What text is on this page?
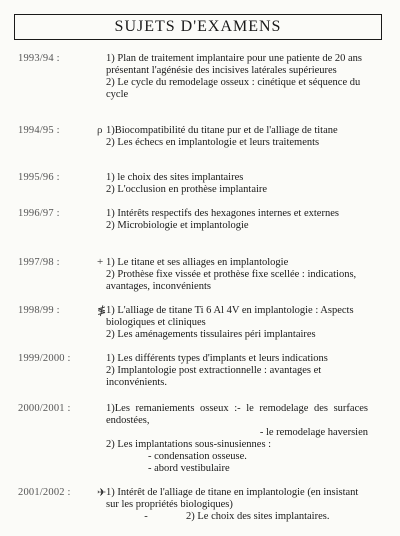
SUJETS D'EXAMENS
1993/94 :	1) Plan de traitement implantaire pour une patiente de 20 ans présentant l'agénésie des incisives latérales supérieures

2) Le cycle du remodelage osseux : cinétique et séquence du cycle

1994/95 :	ρ 1)Biocompatibilité du titane pur et de l'alliage de titane

2) Les échecs en implantologie et leurs traitements

1995/96 :	1) le choix des sites implantaires

2) L'occlusion en prothèse implantaire

1996/97 :	1) Intérêts respectifs des hexagones internes et externes

2) Microbiologie et implantologie

1997/98 :	+ 1) Le titane et ses alliages en implantologie

2) Prothèse fixe vissée et prothèse fixe scellée : indications, avantages, inconvénients

1998/99 :	≸ 1) L'alliage de titane Ti 6 Al 4V en implantologie : Aspects biologiques et cliniques

2) Les aménagements tissulaires péri implantaires

1999/2000 :	1) Les différents types d'implants et leurs indications

2) Implantologie post extractionnelle : avantages et inconvénients.

2000/2001 :	1)Les remaniements osseux :- le remodelage des surfaces endostées,

- le remodelage haversien

2) Les implantations sous-sinusiennes :

- condensation osseuse.

- abord vestibulaire

2001/2002 : ✈ 1) Intérêt de l'alliage de titane en implantologie (en insistant sur les propriétés biologiques)

-	2) Le choix des sites implantaires.
